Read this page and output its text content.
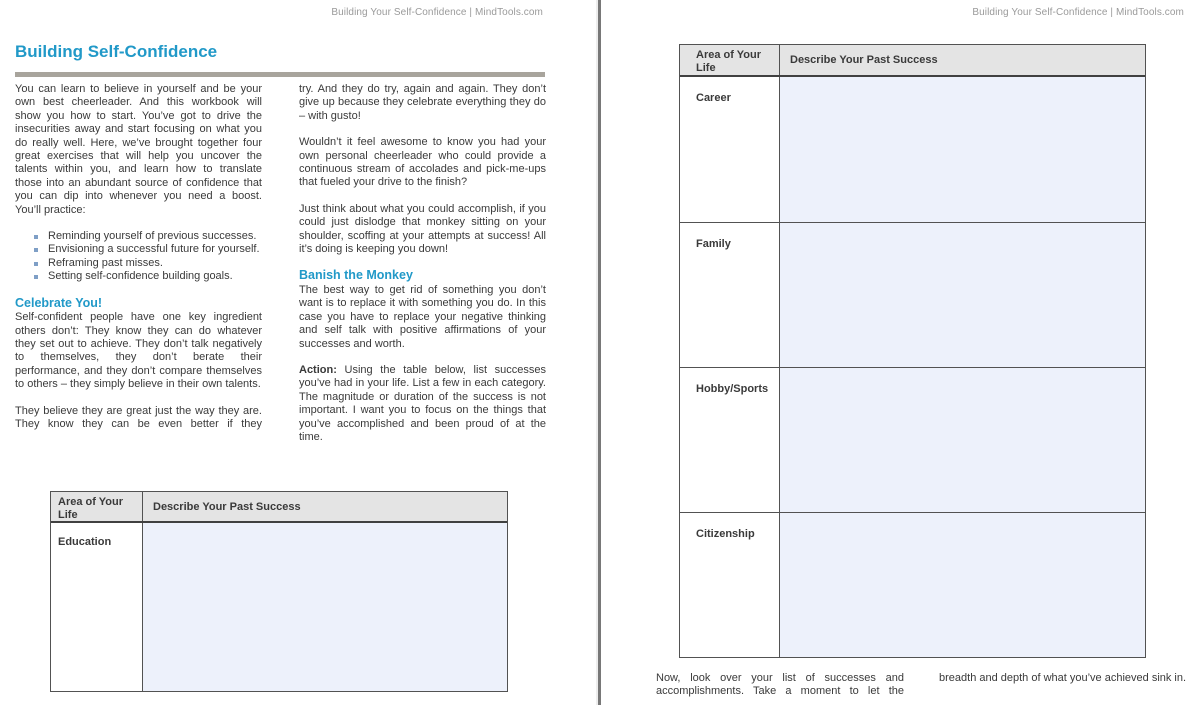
Building Your Self-Confidence | MindTools.com
Building Self-Confidence

You can learn to believe in yourself and be your own best cheerleader. And this workbook will show you how to start. You’ve got to drive the insecurities away and start focusing on what you do really well. Here, we’ve brought together four great exercises that will help you uncover the talents within you, and learn how to translate those into an abundant source of confidence that you can dip into whenever you need a boost. You’ll practice:

Reminding yourself of previous successes.
Envisioning a successful future for yourself.
Reframing past misses.
Setting self-confidence building goals.
Celebrate You!

Self-confident people have one key ingredient others don’t: They know they can do whatever they set out to achieve. They don’t talk negatively to themselves, they don’t berate their performance, and they don’t compare themselves to others – they simply believe in their own talents.

They believe they are great just the way they are. They know they can be even better if they

try. And they do try, again and again. They don’t give up because they celebrate everything they do – with gusto!

Wouldn’t it feel awesome to know you had your own personal cheerleader who could provide a continuous stream of accolades and pick-me-ups that fueled your drive to the finish?

Just think about what you could accomplish, if you could just dislodge that monkey sitting on your shoulder, scoffing at your attempts at success! All it’s doing is keeping you down!

Banish the Monkey

The best way to get rid of something you don’t want is to replace it with something you do. In this case you have to replace your negative thinking and self talk with positive affirmations of your successes and worth.

Action: Using the table below, list successes you’ve had in your life. List a few in each category. The magnitude or duration of the success is not important. I want you to focus on the things that you’ve accomplished and been proud of at the time.

Area of Your Life
Describe Your Past Success
Education
Building Your Self-Confidence | MindTools.com
Area of Your Life
Describe Your Past Success
Career
Family
Hobby/Sports
Citizenship
Now, look over your list of successes and accomplishments. Take a moment to let the
breadth and depth of what you’ve achieved sink in.
